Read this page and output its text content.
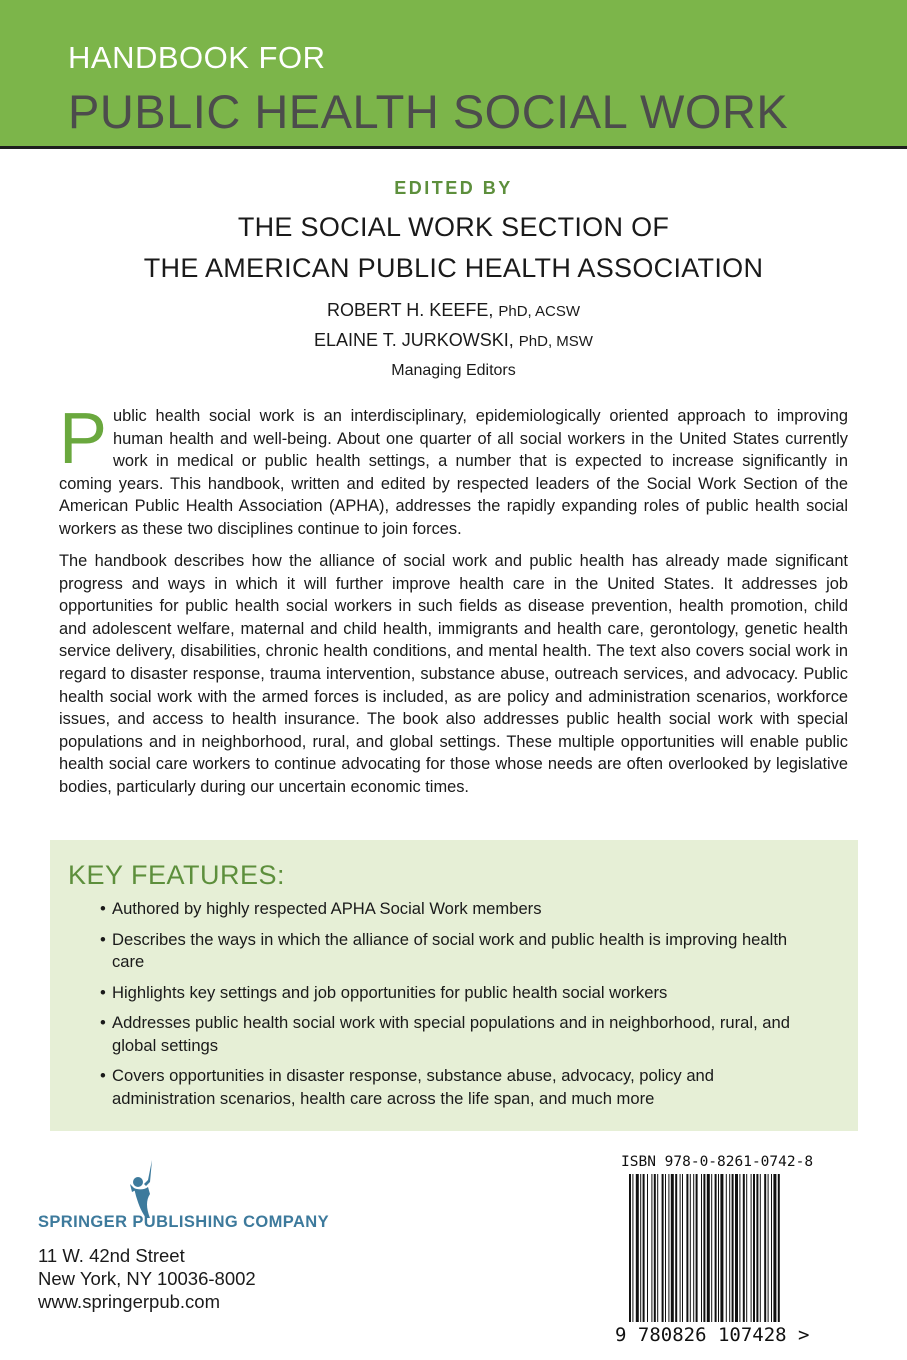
HANDBOOK FOR
PUBLIC HEALTH SOCIAL WORK
EDITED BY
THE SOCIAL WORK SECTION OF
THE AMERICAN PUBLIC HEALTH ASSOCIATION
ROBERT H. KEEFE, PhD, ACSW
ELAINE T. JURKOWSKI, PhD, MSW
Managing Editors
Public health social work is an interdisciplinary, epidemiologically oriented approach to improving human health and well-being. About one quarter of all social workers in the United States currently work in medical or public health settings, a number that is expected to increase significantly in coming years. This handbook, written and edited by respected leaders of the Social Work Section of the American Public Health Association (APHA), addresses the rapidly expanding roles of public health social workers as these two disciplines continue to join forces.
The handbook describes how the alliance of social work and public health has already made significant progress and ways in which it will further improve health care in the United States. It addresses job opportunities for public health social workers in such fields as disease prevention, health promotion, child and adolescent welfare, maternal and child health, immigrants and health care, gerontology, genetic health service delivery, disabilities, chronic health conditions, and mental health. The text also covers social work in regard to disaster response, trauma intervention, substance abuse, outreach services, and advocacy. Public health social work with the armed forces is included, as are policy and administration scenarios, workforce issues, and access to health insurance. The book also addresses public health social work with special populations and in neighborhood, rural, and global settings. These multiple opportunities will enable public health social care workers to continue advocating for those whose needs are often overlooked by legislative bodies, particularly during our uncertain economic times.
KEY FEATURES:
• Authored by highly respected APHA Social Work members
• Describes the ways in which the alliance of social work and public health is improving health care
• Highlights key settings and job opportunities for public health social workers
• Addresses public health social work with special populations and in neighborhood, rural, and global settings
• Covers opportunities in disaster response, substance abuse, advocacy, policy and administration scenarios, health care across the life span, and much more
SPRINGER PUBLISHING COMPANY
11 W. 42nd Street
New York, NY 10036-8002
www.springerpub.com
ISBN 978-0-8261-0742-8
9 780826 107428 >
